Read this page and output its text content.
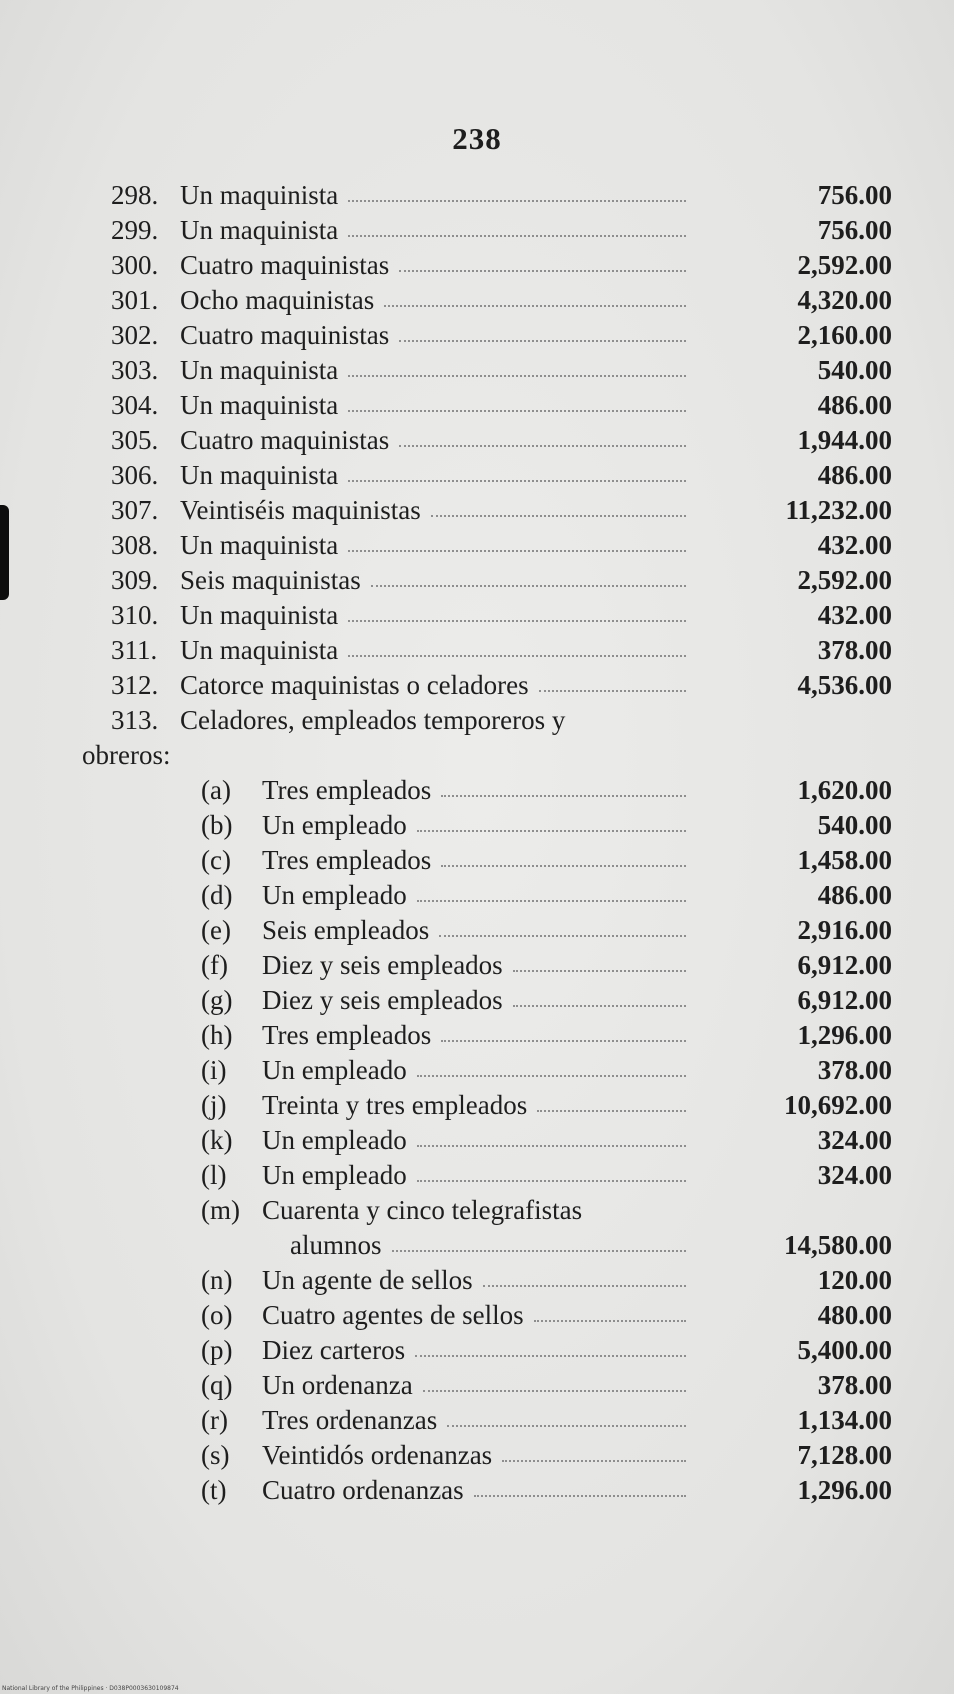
238
298. Un maquinista	756.00
299. Un maquinista	756.00
300. Cuatro maquinistas	2,592.00
301. Ocho maquinistas	4,320.00
302. Cuatro maquinistas	2,160.00
303. Un maquinista	540.00
304. Un maquinista	486.00
305. Cuatro maquinistas	1,944.00
306. Un maquinista	486.00
307. Veintiséis maquinistas	11,232.00
308. Un maquinista	432.00
309. Seis maquinistas	2,592.00
310. Un maquinista	432.00
311. Un maquinista	378.00
312. Catorce maquinistas o celadores	4,536.00
313. Celadores, empleados temporeros y
obreros:
(a) Tres empleados	1,620.00
(b) Un empleado	540.00
(c) Tres empleados	1,458.00
(d) Un empleado	486.00
(e) Seis empleados	2,916.00
(f) Diez y seis empleados	6,912.00
(g) Diez y seis empleados	6,912.00
(h) Tres empleados	1,296.00
(i) Un empleado	378.00
(j) Treinta y tres empleados	10,692.00
(k) Un empleado	324.00
(l) Un empleado	324.00
(m) Cuarenta y cinco telegrafistas
alumnos	14,580.00
(n) Un agente de sellos	120.00
(o) Cuatro agentes de sellos	480.00
(p) Diez carteros	5,400.00
(q) Un ordenanza	378.00
(r) Tres ordenanzas	1,134.00
(s) Veintidós ordenanzas	7,128.00
(t) Cuatro ordenanzas	1,296.00
National Library of the Philippines · D038P0003630109874
